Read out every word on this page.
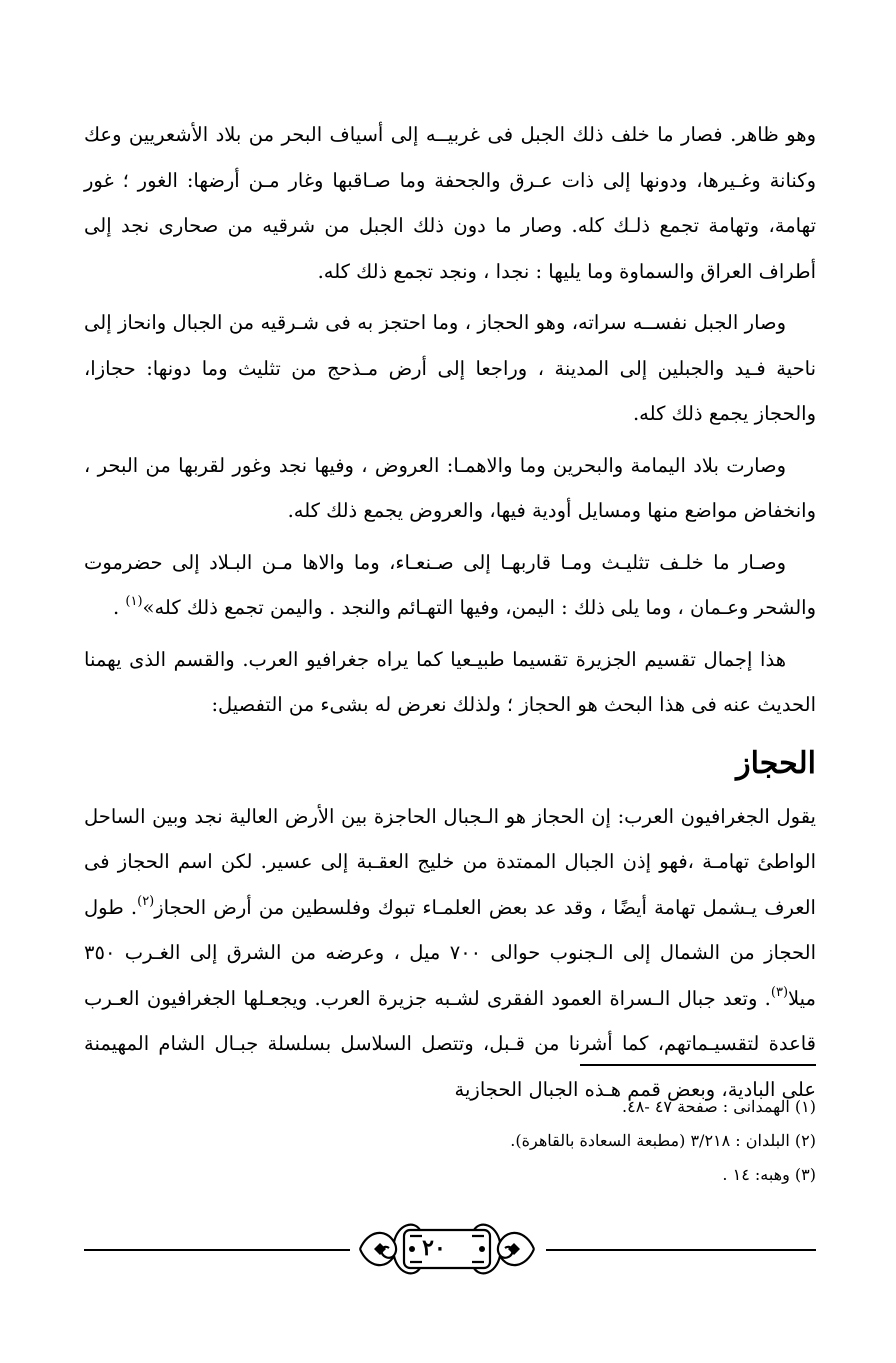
وهو ظاهر. فصار ما خلف ذلك الجبل فى غربيــه إلى أسياف البحر من بلاد الأشعريين وعك وكنانة وغـيرها، ودونها إلى ذات عـرق والجحفة وما صـاقبها وغار مـن أرضها: الغور ؛ غور تهامة، وتهامة تجمع ذلـك كله. وصار ما دون ذلك الجبل من شرقيه من صحارى نجد إلى أطراف العراق والسماوة وما يليها : نجدا ، ونجد تجمع ذلك كله.

وصار الجبل نفســه سراته، وهو الحجاز ، وما احتجز به فى شـرقيه من الجبال وانحاز إلى ناحية فـيد والجبلين إلى المدينة ، وراجعا إلى أرض مـذحج من تثليث وما دونها: حجازا، والحجاز يجمع ذلك كله.

وصارت بلاد اليمامة والبحرين وما والاهمـا: العروض ، وفيها نجد وغور لقربها من البحر ، وانخفاض مواضع منها ومسايل أودية فيها، والعروض يجمع ذلك كله.

وصـار ما خلـف تثليـث ومـا قاربهـا إلى صـنعـاء، وما والاها مـن البـلاد إلى حضرموت والشحر وعـمان ، وما يلى ذلك : اليمن، وفيها التهـائم والنجد . واليمن تجمع ذلك كله»$^{(١)}$ .

هذا إجمال تقسيم الجزيرة تقسيما طبيـعيا كما يراه جغرافيو العرب. والقسم الذى يهمنا الحديث عنه فى هذا البحث هو الحجاز ؛ ولذلك نعرض له بشىء من التفصيل:

الحجاز

يقول الجغرافيون العرب: إن الحجاز هو الـجبال الحاجزة بين الأرض العالية نجد وبين الساحل الواطئ تهامـة ،فهو إذن الجبال الممتدة من خليج العقـبة إلى عسير. لكن اسم الحجاز فى العرف يـشمل تهامة أيضًا ، وقد عد بعض العلمـاء تبوك وفلسطين من أرض الحجاز$^{(٢)}$. طول الحجاز من الشمال إلى الـجنوب حوالى ٧٠٠ ميل ، وعرضه من الشرق إلى الغـرب ٣٥٠ ميلا$^{(٣)}$. وتعد جبال الـسراة العمود الفقرى لشـبه جزيرة العرب. ويجعـلها الجغرافيون العـرب قاعدة لتقسيـماتهم، كما أشرنا من قـبل، وتتصل السلاسل بسلسلة جبـال الشام المهيمنة على البادية، وبعض قمم هـذه الجبال الحجازية

(١) الهمدانى : صفحة ٤٧ -٤٨.
(٢) البلدان : ٣/٢١٨ (مطبعة السعادة بالقاهرة).
(٣) وهبه: ١٤ .
٢٠
